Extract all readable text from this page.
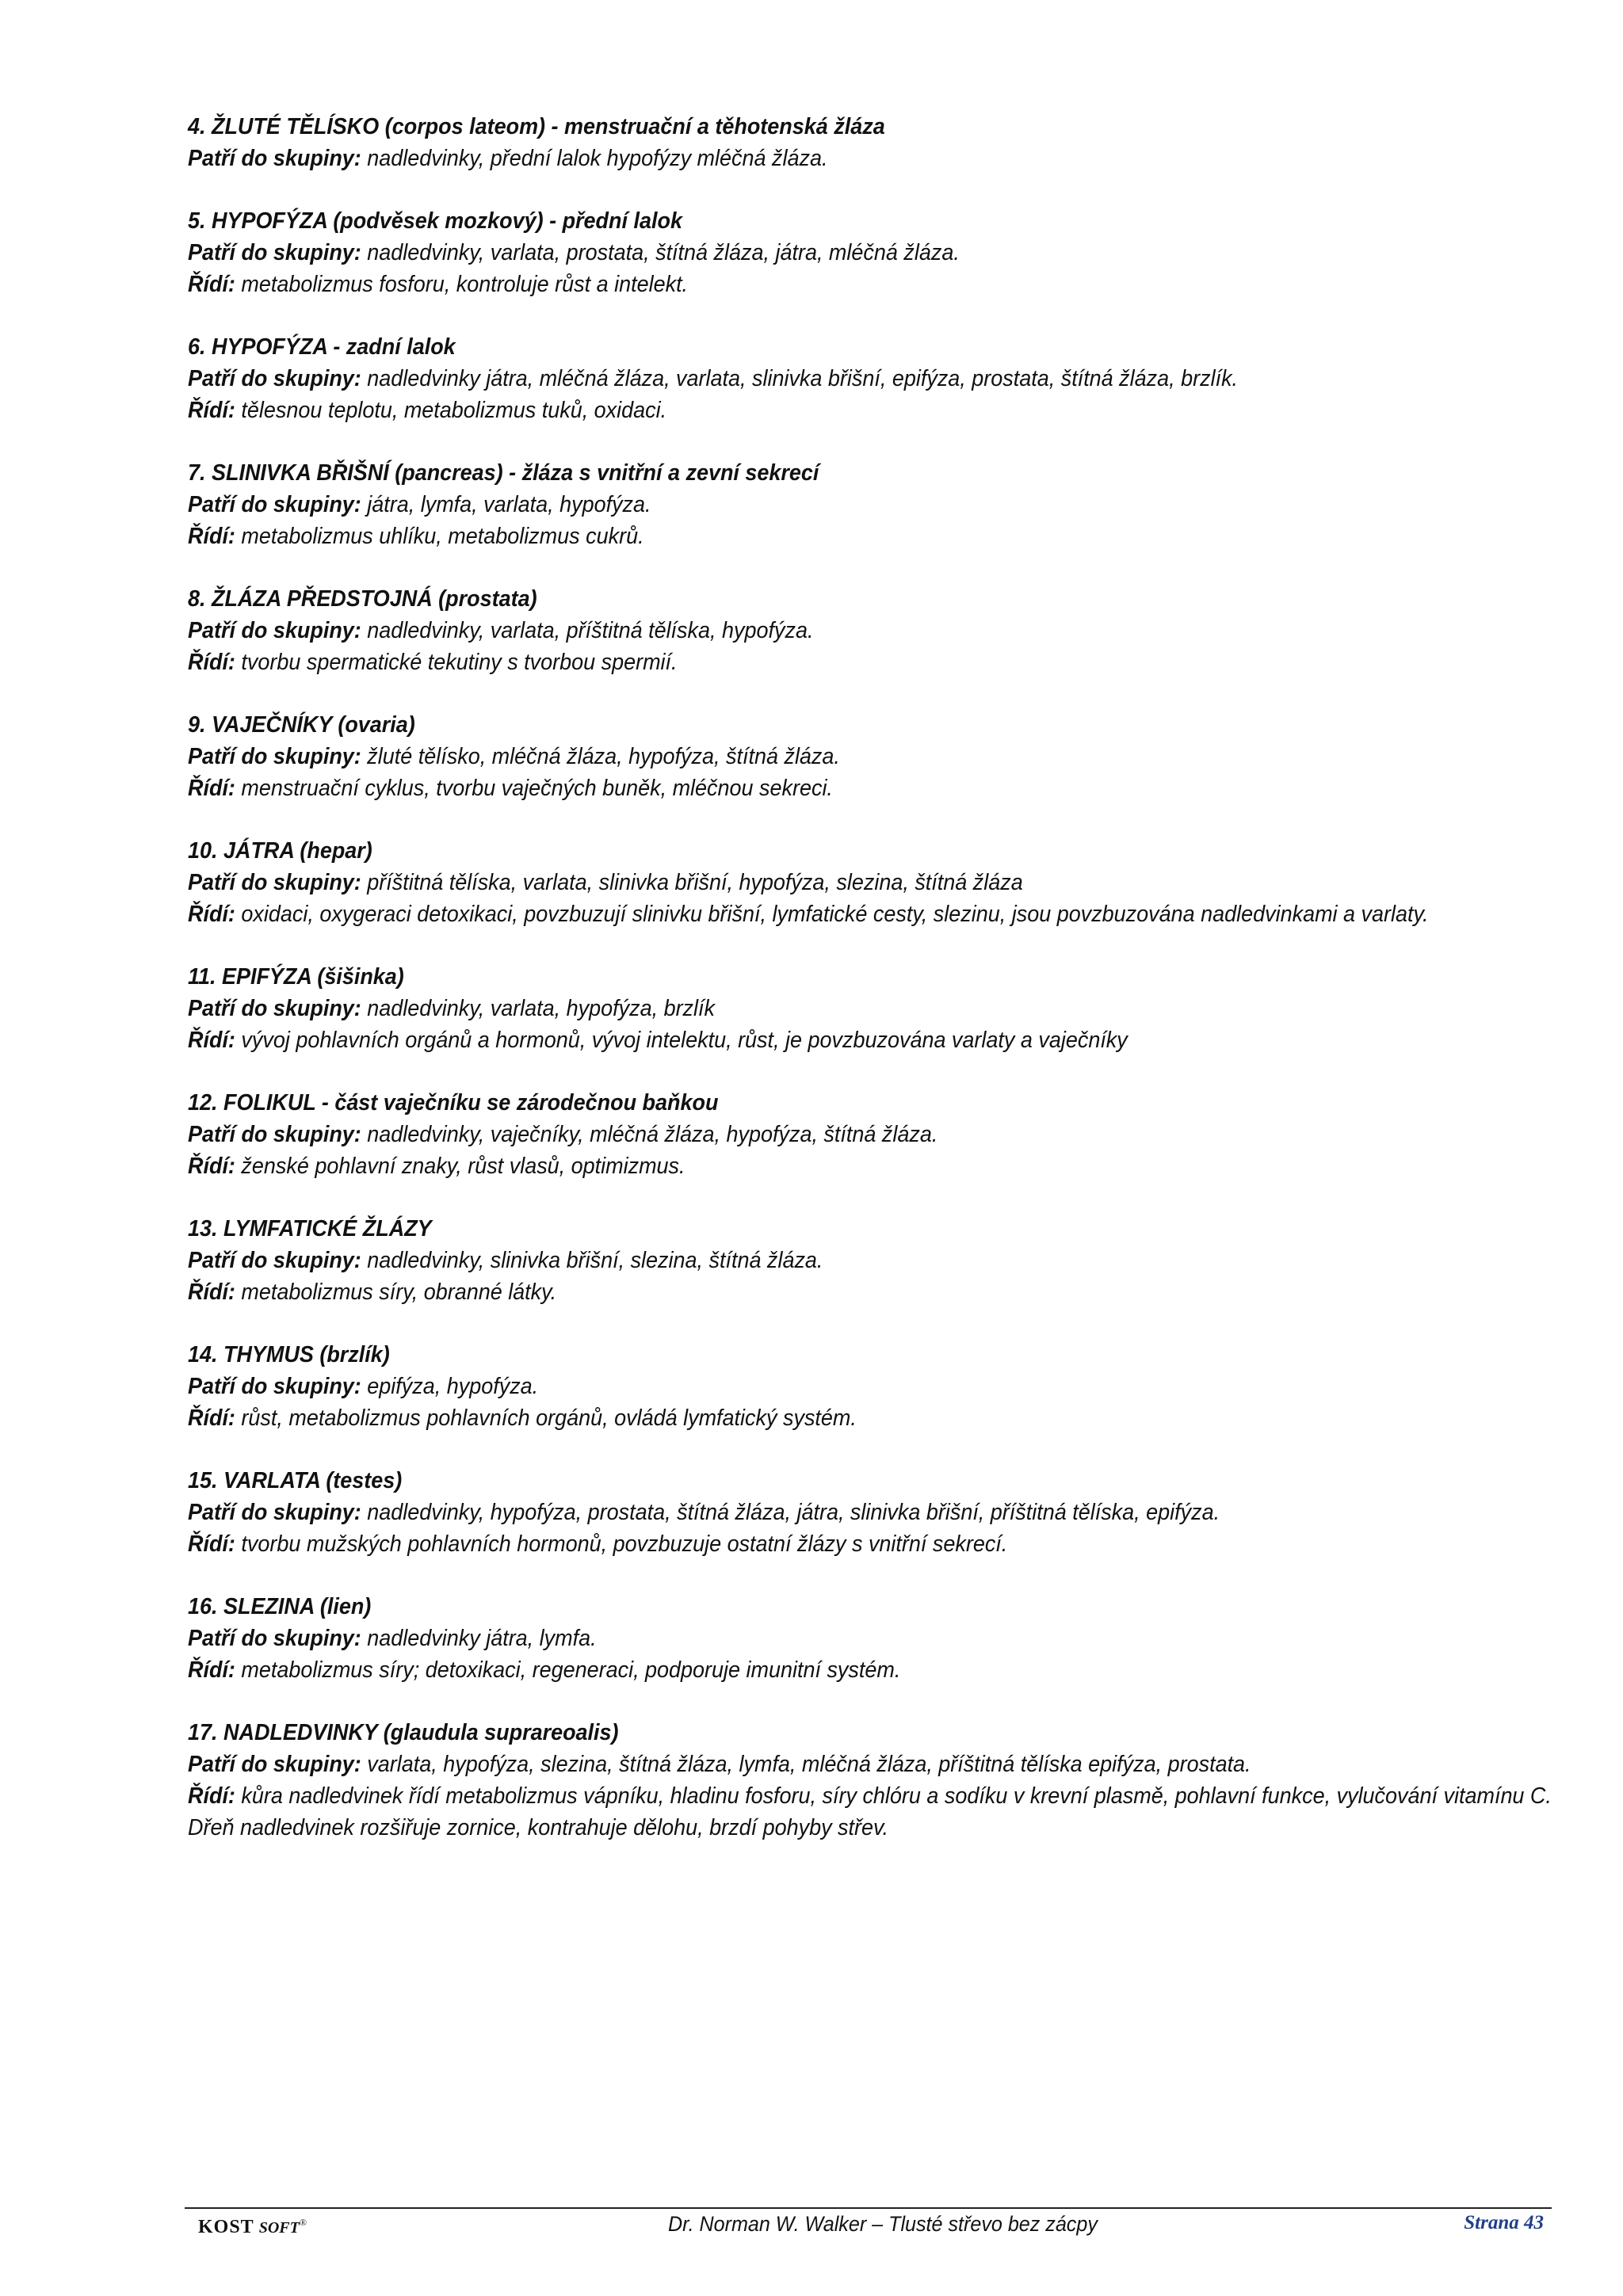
4. ŽLUTÉ TĚLÍSKO (corpos lateom) - menstruační a těhotenská žláza
Patří do skupiny: nadledvinky, přední lalok hypofýzy mléčná žláza.
5. HYPOFÝZA (podvěsek mozkový) - přední lalok
Patří do skupiny: nadledvinky, varlata, prostata, štítná žláza, játra, mléčná žláza.
Řídí: metabolizmus fosforu, kontroluje růst a intelekt.
6. HYPOFÝZA - zadní lalok
Patří do skupiny: nadledvinky játra, mléčná žláza, varlata, slinivka břišní, epifýza, prostata, štítná žláza, brzlík.
Řídí: tělesnou teplotu, metabolizmus tuků, oxidaci.
7. SLINIVKA BŘIŠNÍ (pancreas) - žláza s vnitřní a zevní sekrecí
Patří do skupiny: játra, lymfa, varlata, hypofýza.
Řídí: metabolizmus uhlíku, metabolizmus cukrů.
8. ŽLÁZA PŘEDSTOJNÁ (prostata)
Patří do skupiny: nadledvinky, varlata, příštitná tělíska, hypofýza.
Řídí: tvorbu spermatické tekutiny s tvorbou spermií.
9. VAJEČNÍKY (ovaria)
Patří do skupiny: žluté tělísko, mléčná žláza, hypofýza, štítná žláza.
Řídí: menstruační cyklus, tvorbu vaječných buněk, mléčnou sekreci.
10. JÁTRA (hepar)
Patří do skupiny: příštitná tělíska, varlata, slinivka břišní, hypofýza, slezina, štítná žláza
Řídí: oxidaci, oxygeraci detoxikaci, povzbuzují slinivku břišní, lymfatické cesty, slezinu, jsou povzbuzována nadledvinkami a varlaty.
11. EPIFÝZA (šišinka)
Patří do skupiny: nadledvinky, varlata, hypofýza, brzlík
Řídí: vývoj pohlavních orgánů a hormonů, vývoj intelektu, růst, je povzbuzována varlaty a vaječníky
12. FOLIKUL - část vaječníku se zárodečnou baňkou
Patří do skupiny: nadledvinky, vaječníky, mléčná žláza, hypofýza, štítná žláza.
Řídí: ženské pohlavní znaky, růst vlasů, optimizmus.
13. LYMFATICKÉ ŽLÁZY
Patří do skupiny: nadledvinky, slinivka břišní, slezina, štítná žláza.
Řídí: metabolizmus síry, obranné látky.
14. THYMUS (brzlík)
Patří do skupiny: epifýza, hypofýza.
Řídí: růst, metabolizmus pohlavních orgánů, ovládá lymfatický systém.
15. VARLATA (testes)
Patří do skupiny: nadledvinky, hypofýza, prostata, štítná žláza, játra, slinivka břišní, příštitná tělíska, epifýza.
Řídí: tvorbu mužských pohlavních hormonů, povzbuzuje ostatní žlázy s vnitřní sekrecí.
16. SLEZINA (lien)
Patří do skupiny: nadledvinky játra, lymfa.
Řídí: metabolizmus síry; detoxikaci, regeneraci, podporuje imunitní systém.
17. NADLEDVINKY (glaudula suprareoalis)
Patří do skupiny: varlata, hypofýza, slezina, štítná žláza, lymfa, mléčná žláza, příštitná tělíska epifýza, prostata.
Řídí: kůra nadledvinek řídí metabolizmus vápníku, hladinu fosforu, síry chlóru a sodíku v krevní plasmě, pohlavní funkce, vylučování vitamínu C. Dřeň nadledvinek rozšiřuje zornice, kontrahuje dělohu, brzdí pohyby střev.
KOST SOFT®	Dr. Norman W. Walker – Tlusté střevo bez zácpy	Strana 43
